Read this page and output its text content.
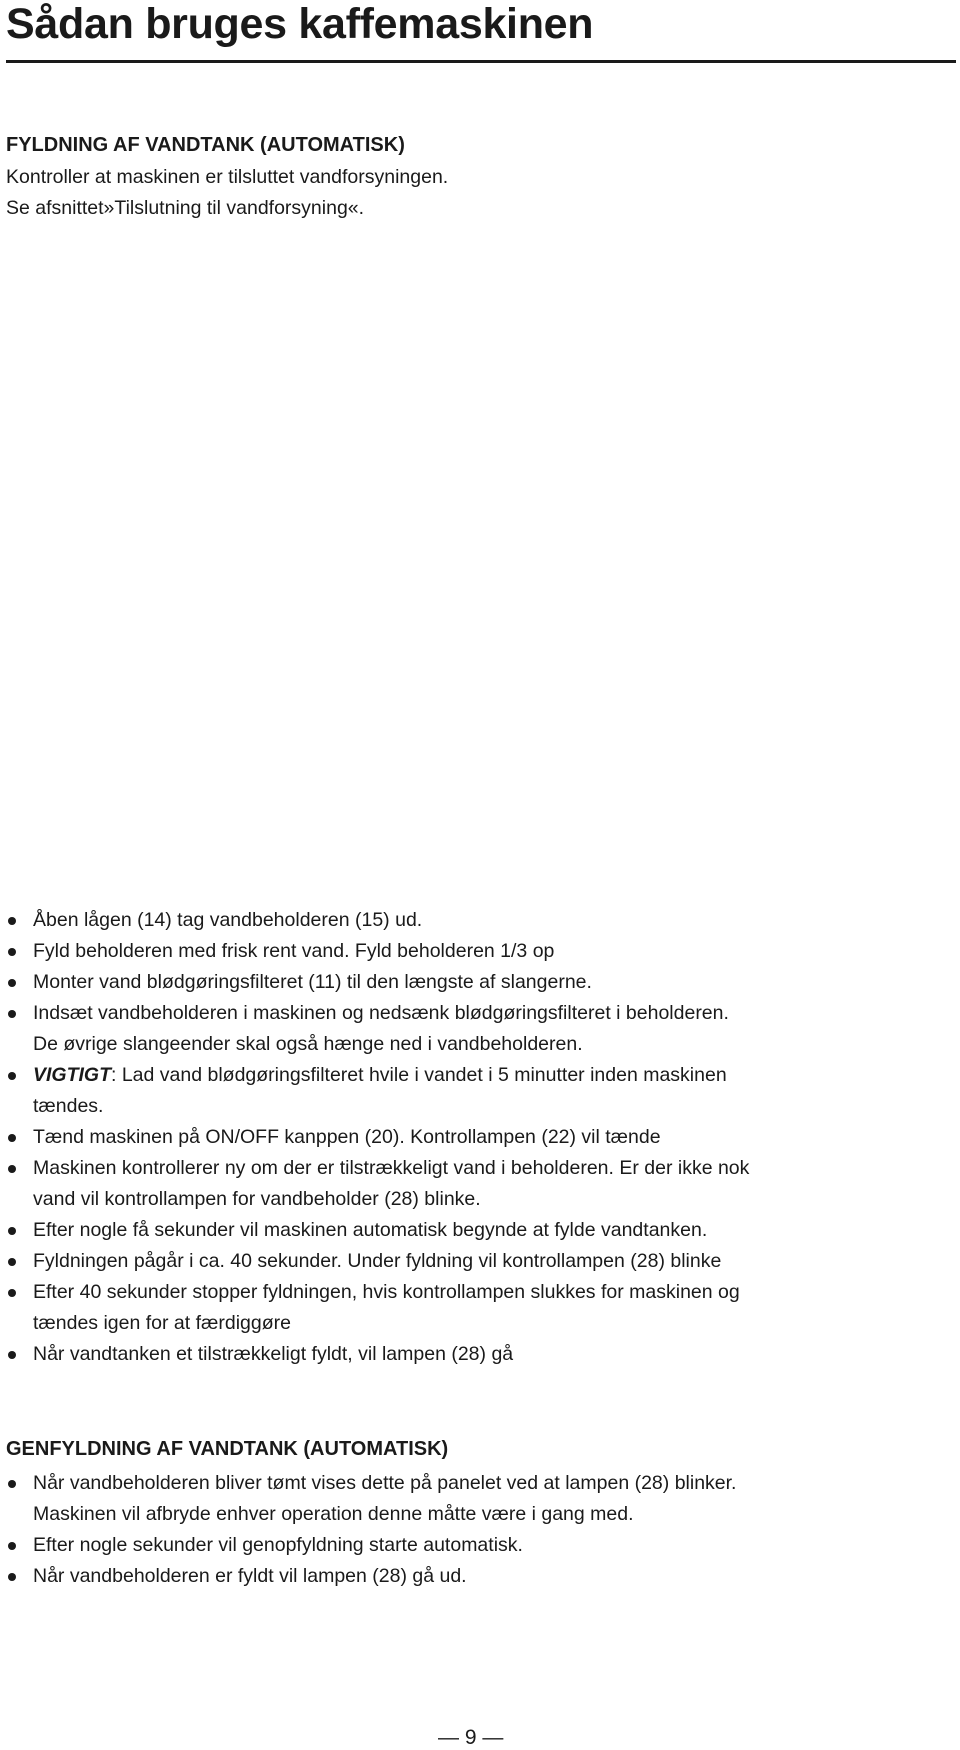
Sådan bruges kaffemaskinen
FYLDNING AF VANDTANK (AUTOMATISK)

Kontroller at maskinen er tilsluttet vandforsyningen.

Se afsnittet»Tilslutning til vandforsyning«.

Åben lågen (14) tag vandbeholderen (15) ud.
Fyld beholderen med frisk rent vand. Fyld beholderen 1/3 op
Monter vand blødgøringsfilteret (11) til den længste af slangerne.
Indsæt vandbeholderen i maskinen og nedsænk blødgøringsfilteret i beholderen.
De øvrige slangeender skal også hænge ned i vandbeholderen.
VIGTIGT: Lad vand blødgøringsfilteret hvile i vandet i 5 minutter inden maskinen
tændes.
Tænd maskinen på ON/OFF kanppen (20). Kontrollampen (22) vil tænde
Maskinen kontrollerer ny om der er tilstrækkeligt vand i beholderen. Er der ikke nok
vand vil kontrollampen for vandbeholder (28) blinke.
Efter nogle få sekunder vil maskinen automatisk begynde at fylde vandtanken.
Fyldningen pågår i ca. 40 sekunder. Under fyldning vil kontrollampen (28) blinke
Efter 40 sekunder stopper fyldningen, hvis kontrollampen slukkes for maskinen og
tændes igen for at færdiggøre
Når vandtanken et tilstrækkeligt fyldt, vil lampen (28) gå
GENFYLDNING AF VANDTANK (AUTOMATISK)
Når vandbeholderen bliver tømt vises dette på panelet ved at lampen (28) blinker.
Maskinen vil afbryde enhver operation denne måtte være i gang med.
Efter nogle sekunder vil genopfyldning starte automatisk.
Når vandbeholderen er fyldt vil lampen (28) gå ud.
— 9 —
